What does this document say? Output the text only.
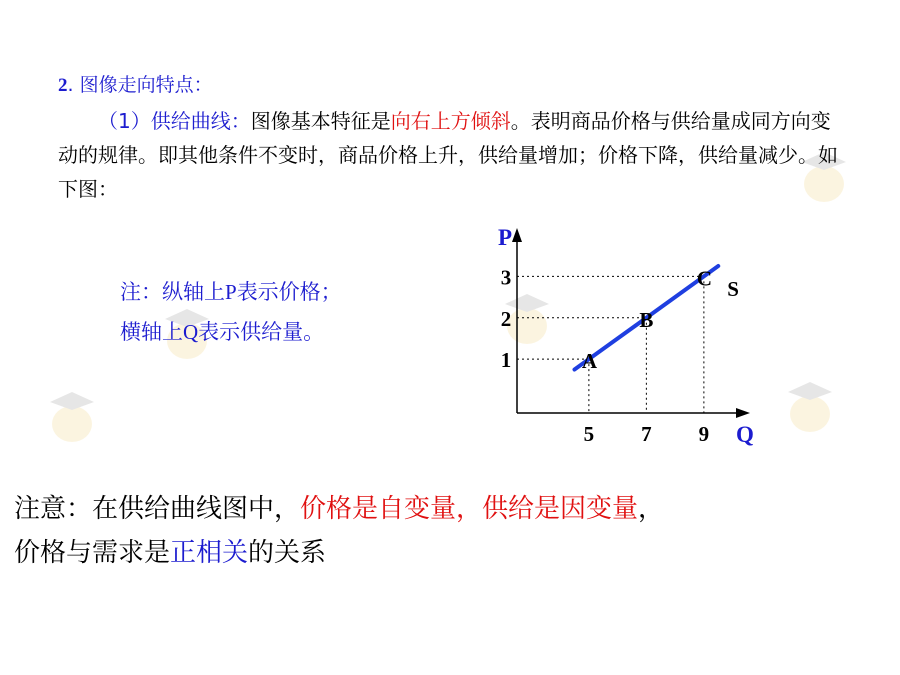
2. 图像走向特点：
  （1）供给曲线：图像基本特征是向右上方倾斜。表明商品价格与供给量成同方向变动的规律。即其他条件不变时，商品价格上升，供给量增加；价格下降，供给量减少。如下图：
注：纵轴上P表示价格；
横轴上Q表示供给量。
P
Q
5 7 9
1
2
3
A
B
C S
注意：在供给曲线图中，价格是自变量，供给是因变量，
价格与需求是正相关的关系
